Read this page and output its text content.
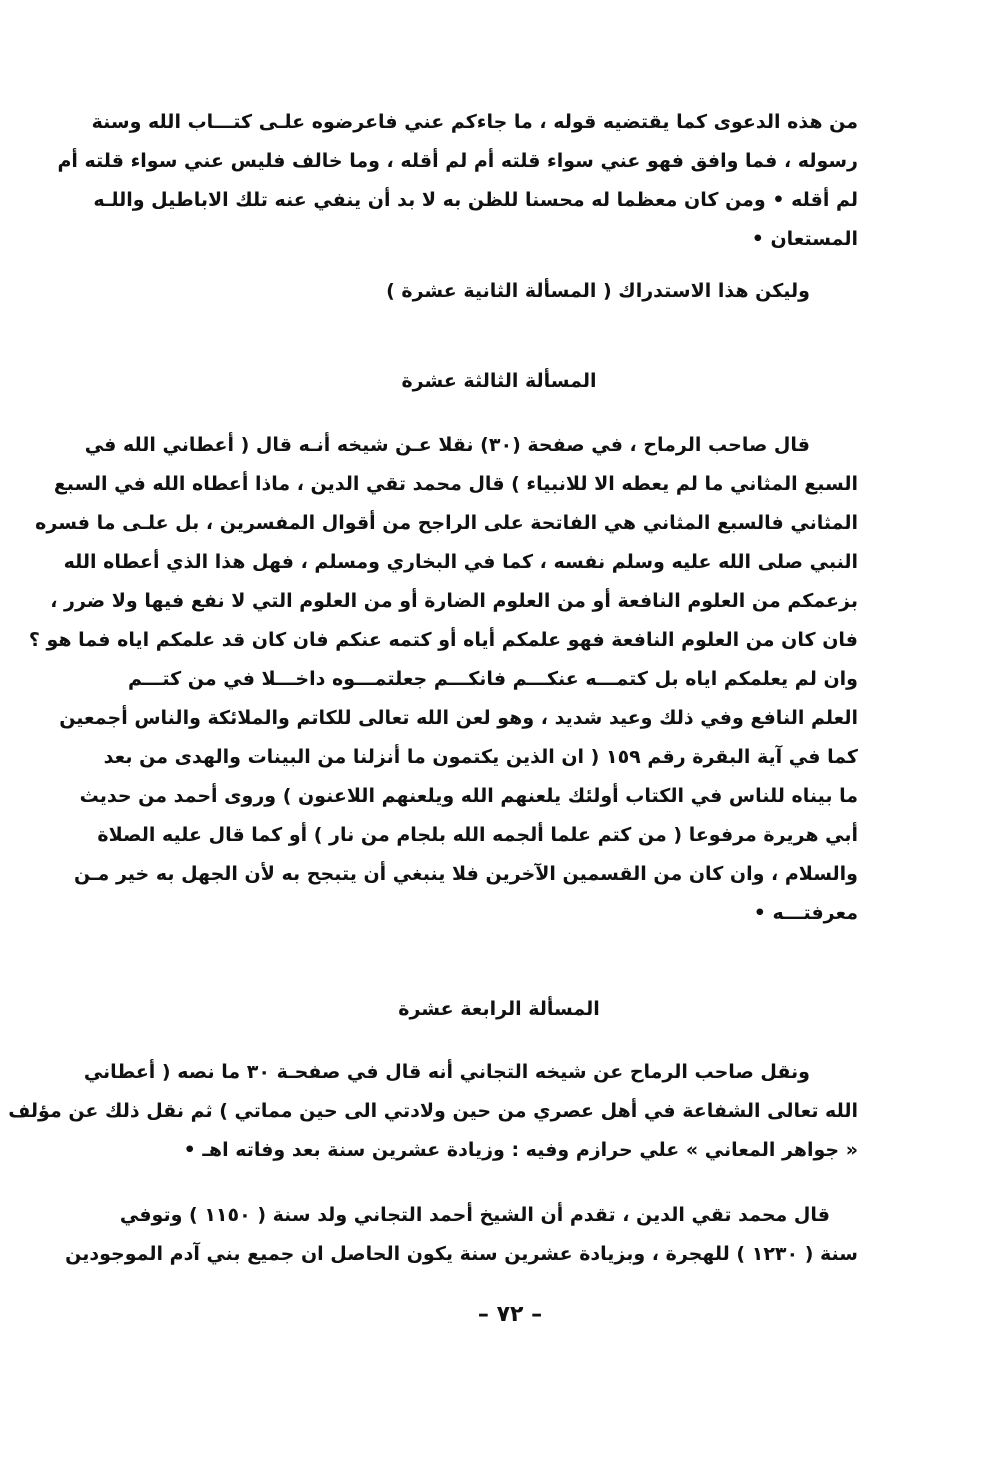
من هذه الدعوى كما يقتضيه قوله ، ما جاءكم عني فاعرضوه علـى كتـــاب الله وسنة
رسوله ، فما وافق فهو عني سواء قلته أم لم أقله ، وما خالف فليس عني سواء قلته أم
لم أقله • ومن كان معظما له محسنا للظن به لا بد أن ينفي عنه تلك الاباطيل واللـه
المستعان •
وليكن هذا الاستدراك ( المسألة الثانية عشرة )
المسألة الثالثة عشرة
قال صاحب الرماح ، في صفحة (٣٠) نقلا عـن شيخه أنـه قال ( أعطاني الله في
السبع المثاني ما لم يعطه الا للانبياء ) قال محمد تقي الدين ، ماذا أعطاه الله في السبع
المثاني فالسبع المثاني هي الفاتحة على الراجح من أقوال المفسرين ، بل علـى ما فسره
النبي صلى الله عليه وسلم نفسه ، كما في البخاري ومسلم ، فهل هذا الذي أعطاه الله
بزعمكم من العلوم النافعة أو من العلوم الضارة أو من العلوم التي لا نفع فيها ولا ضرر ،
فان كان من العلوم النافعة فهو علمكم أياه أو كتمه عنكم فان كان قد علمكم اياه فما هو ؟
وان لم يعلمكم اياه بل كتمـــه عنكـــم فانكـــم جعلتمـــوه داخـــلا في من كتـــم
العلم النافع وفي ذلك وعيد شديد ، وهو لعن الله تعالى للكاتم والملائكة والناس أجمعين
كما في آية البقرة رقم ١٥٩ ( ان الذين يكتمون ما أنزلنا من البينات والهدى من بعد
ما بيناه للناس في الكتاب أولئك يلعنهم الله ويلعنهم اللاعنون ) وروى أحمد من حديث
أبي هريرة مرفوعا ( من كتم علما ألجمه الله بلجام من نار ) أو كما قال عليه الصلاة
والسلام ، وان كان من القسمين الآخرين فلا ينبغي أن يتبجح به لأن الجهل به خير مـن
معرفتـــه •
المسألة الرابعة عشرة
ونقل صاحب الرماح عن شيخه التجاني أنه قال في صفحـة ٣٠ ما نصه ( أعطاني
الله تعالى الشفاعة في أهل عصري من حين ولادتي الى حين مماتي ) ثم نقل ذلك عن مؤلف
« جواهر المعاني » علي حرازم وفيه : وزيادة عشرين سنة بعد وفاته اهـ •
قال محمد تقي الدين ، تقدم أن الشيخ أحمد التجاني ولد سنة ( ١١٥٠ ) وتوفي
سنة ( ١٢٣٠ ) للهجرة ، وبزيادة عشرين سنة يكون الحاصل ان جميع بني آدم الموجودين
– ٧٢ –
